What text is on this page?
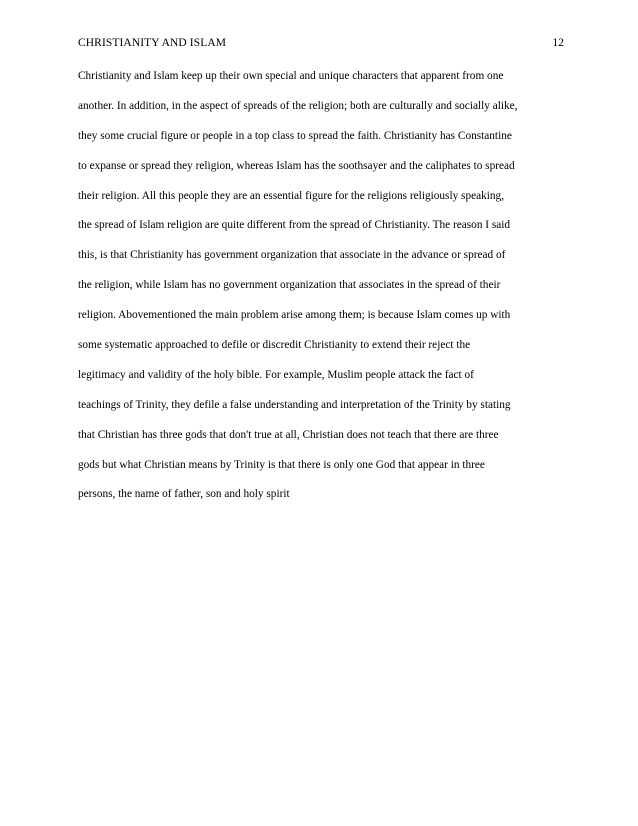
CHRISTIANITY AND ISLAM	12
Christianity and Islam keep up their own special and unique characters that apparent from one
another. In addition, in the aspect of spreads of the religion; both are culturally and socially alike,
they some crucial figure or people in a top class to spread the faith. Christianity has Constantine
to expanse or spread they religion, whereas Islam has the soothsayer and the caliphates to spread
their religion. All this people they are an essential figure for the religions religiously speaking,
the spread of Islam religion are quite different from the spread of Christianity. The reason I said
this, is that Christianity has government organization that associate in the advance or spread of
the religion, while Islam has no government organization that associates in the spread of their
religion. Abovementioned the main problem arise among them; is because Islam comes up with
some systematic approached to defile or discredit Christianity to extend their reject the
legitimacy and validity of the holy bible. For example, Muslim people attack the fact of
teachings of Trinity, they defile a false understanding and interpretation of the Trinity by stating
that Christian has three gods that don't true at all, Christian does not teach that there are three
gods but what Christian means by Trinity is that there is only one God that appear in three
persons, the name of father, son and holy spirit
